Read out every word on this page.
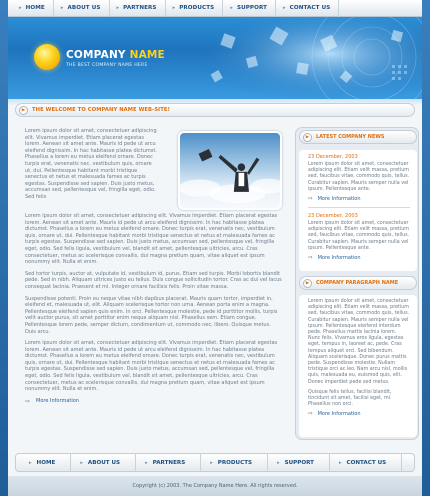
▸ HOME	▸ ABOUT US	▸ PARTNERS	▸ PRODUCTS	▸ SUPPORT	▸ CONTACT US
COMPANY NAME
THE BEST COMPANY NAME HERE
▶	THE WELCOME TO COMPANY NAME WEB-SITE!

Lorem ipsum dolor sit amet, consectetuer adipiscing elit. Vivamus imperdiet. Etiam placerat egestas lorem. Aenean sit amet ante. Mauris id pede ut arcu eleifend dignissim. In hac habitasse platea dictumst. Phasellus a lorem eu metus eleifend ornare. Donec turpis erat, venenatis nec, vestibulum quis, ornare ut, dui. Pellentesque habitant morbi tristique senectus et netus et malesuada fames ac turpis egestas. Suspendisse sed sapien. Duis justo metus, accumsan sed, pellentesque vel, fringilla eget, odio. Sed felis

Lorem ipsum dolor sit amet, consectetuer adipiscing elit. Vivamus imperdiet. Etiam placerat egestas lorem. Aenean sit amet ante. Mauris id pede ut arcu eleifend dignissim. In hac habitasse platea dictumst. Phasellus a lorem eu metus eleifend ornare. Donec turpis erat, venenatis nec, vestibulum quis, ornare ut, dui. Pellentesque habitant morbi tristique senectus et netus et malesuada fames ac turpis egestas. Suspendisse sed sapien. Duis justo metus, accumsan sed, pellentesque vel, fringilla eget, odio. Sed felis ligula, vestibulum vel, blandit sit amet, pellentesque ultricies, arcu. Cras consectetuer, metus ac scelerisque convallis, dui magna pretium quam, vitae aliquet est ipsum nonummy elit. Nulla et enim.

Sed tortor turpis, auctor at, vulputate id, vestibulum id, purus. Etiam sed turpis. Morbi lobortis blandit pede. Sed in nibh. Aliquam ultrices justo eu tellus. Duis congue sollicitudin tortor. Cras ac dui vel lacus consequat lacinia. Praesent et mi. Integer ornare facilisis felis. Proin vitae massa.

Suspendisse potenti. Proin eu neque vitae nibh dapibus placerat. Mauris quam tortor, imperdiet in, eleifend et, malesuada ut, elit. Aliquam scelerisque tortor non urna. Aenean porta enim a magna. Pellentesque eleifend sapien quis enim. In orci. Pellentesque molestie, pede id porttitor mollis, turpis velit auctor purus, sit amet porttitor enim neque aliquam nisl. Phasellus sem. Etiam congue. Pellentesque lorem pede, semper dictum, condimentum ut, commodo nec, libero. Quisque metus. Duis arcu.

Lorem ipsum dolor sit amet, consectetuer adipiscing elit. Vivamus imperdiet. Etiam placerat egestas lorem. Aenean sit amet ante. Mauris id pede ut arcu eleifend dignissim. In hac habitasse platea dictumst. Phasellus a lorem eu metus eleifend ornare. Donec turpis erat, venenatis nec, vestibulum quis, ornare ut, dui. Pellentesque habitant morbi tristique senectus et netus et malesuada fames ac turpis egestas. Suspendisse sed sapien. Duis justo metus, accumsan sed, pellentesque vel, fringilla eget, odio. Sed felis ligula, vestibulum vel, blandit sit amet, pellentesque ultricies, arcu. Cras consectetuer, metus ac scelerisque convallis, dui magna pretium quam, vitae aliquet est ipsum nonummy elit. Nulla et enim.

⇨ More Information
▶	LATEST COMPANY NEWS
23 December, 2003
Lorem ipsum dolor sit amet, consectetuer adipiscing elit. Etiam velit massa, pretium sed, faucibus vitae, commodo quis, tellus. Curabitur sapien. Mauris semper nulla vel ipsum. Pellentesque ante.
⇨ More Information
23 December, 2003
Lorem ipsum dolor sit amet, consectetuer adipiscing elit. Etiam velit massa, pretium sed, faucibus vitae, commodo quis, tellus. Curabitur sapien. Mauris semper nulla vel ipsum. Pellentesque ante.
⇨ More Information
▶	COMPANY PARAGRAPH NAME
Lorem ipsum dolor sit amet, consectetuer adipiscing elit. Etiam velit massa, pretium sed, faucibus vitae, commodo quis, tellus. Curabitur sapien. Mauris semper nulla vel ipsum. Pellentesque eleifend interdum pede. Phasellus mattis lacinia lorem. Nunc felis. Vivamus eros ligula, egestas eget, tempus in, laoreet ac, pede. Cras tempus aliquet orci. Sed bibendum. Aliquam scelerisque. Donec purus mattis pede. Suspendisse molestie. Nullam tristique orci ac leo. Nam arcu nisl, mollis quis, malesuada eu, euismod quis, elit. Donec imperdiet pede sed metus.
Quisque felis tellus, facilisi blandit, tincidunt sit amet, facilisi eget, mi. Phasellus non orci.
⇨ More Information
▸ HOME	▸ ABOUT US	▸ PARTNERS	▸ PRODUCTS	▸ SUPPORT	▸ CONTACT US
Copyright (c) 2003. The Company Name Here. All rights reserved.
